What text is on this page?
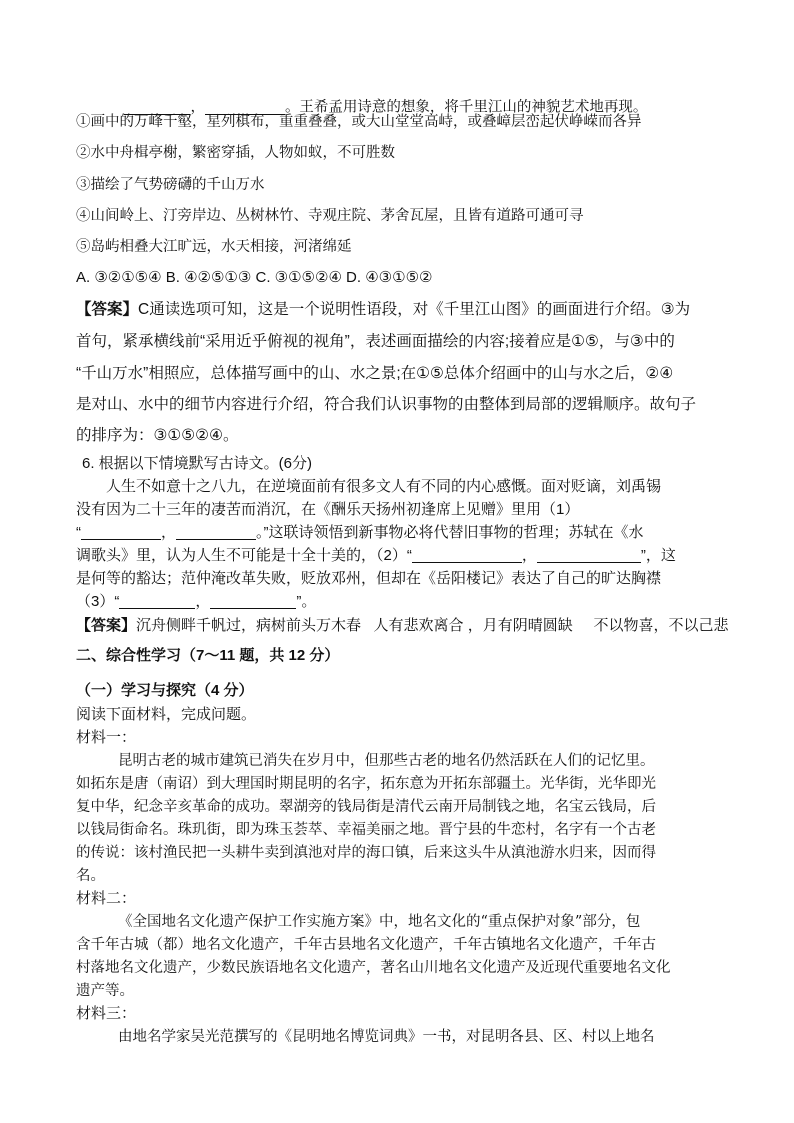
，	。王希孟用诗意的想象，将千里江山的神貌艺术地再现。

①画中的万峰千壑，星列棋布，重重叠叠，或大山堂堂高峙，或叠嶂层峦起伏峥嵘而各异
②水中舟楫亭榭，繁密穿插，人物如蚁，不可胜数
③描绘了气势磅礴的千山万水
④山间岭上、汀旁岸边、丛树林竹、寺观庄院、茅舍瓦屋，且皆有道路可通可寻
⑤岛屿相叠大江旷远，水天相接，河渚绵延
A. ③②①⑤④ B. ④②⑤①③ C. ③①⑤②④ D. ④③①⑤②
【答案】C通读选项可知，这是一个说明性语段，对《千里江山图》的画面进行介绍。③为
首句，紧承横线前“采用近乎俯视的视角”，表述画面描绘的内容;接着应是①⑤，与③中的
“千山万水”相照应，总体描写画中的山、水之景;在①⑤总体介绍画中的山与水之后，②④
是对山、水中的细节内容进行介绍，符合我们认识事物的由整体到局部的逻辑顺序。故句子
的排序为：③①⑤②④。
6. 根据以下情境默写古诗文。(6分)
人生不如意十之八九，在逆境面前有很多文人有不同的内心感慨。面对贬谪，刘禹锡
没有因为二十三年的凄苦而消沉，在《酬乐天扬州初逢席上见赠》里用（1）
“	，	。”这联诗领悟到新事物必将代替旧事物的哲理；苏轼在《水
调歌头》里，认为人生不可能是十全十美的，（2）“	，	”，这
是何等的豁达；范仲淹改革失败，贬放邓州，但却在《岳阳楼记》表达了自己的旷达胸襟
（3）“	，	”。
【答案】沉舟侧畔千帆过，病树前头万木春   人有悲欢离合 ，月有阴晴圆缺     不以物喜，不以己悲
二、综合性学习（7～11 题，共 12 分）
（一）学习与探究（4 分）
阅读下面材料，完成问题。
材料一：
昆明古老的城市建筑已消失在岁月中，但那些古老的地名仍然活跃在人们的记忆里。
如拓东是唐（南诏）到大理国时期昆明的名字，拓东意为开拓东部疆土。光华街，光华即光
复中华，纪念辛亥革命的成功。翠湖旁的钱局街是清代云南开局制钱之地，名宝云钱局，后
以钱局街命名。珠玑街，即为珠玉荟萃、幸福美丽之地。晋宁县的牛恋村，名字有一个古老
的传说：该村渔民把一头耕牛卖到滇池对岸的海口镇，后来这头牛从滇池游水归来，因而得
名。
材料二：
《全国地名文化遗产保护工作实施方案》中，地名文化的“重点保护对象”部分，包
含千年古城（都）地名文化遗产，千年古县地名文化遗产，千年古镇地名文化遗产，千年古
村落地名文化遗产，少数民族语地名文化遗产，著名山川地名文化遗产及近现代重要地名文化
遗产等。
材料三：
由地名学家吴光范撰写的《昆明地名博览词典》一书，对昆明各县、区、村以上地名
